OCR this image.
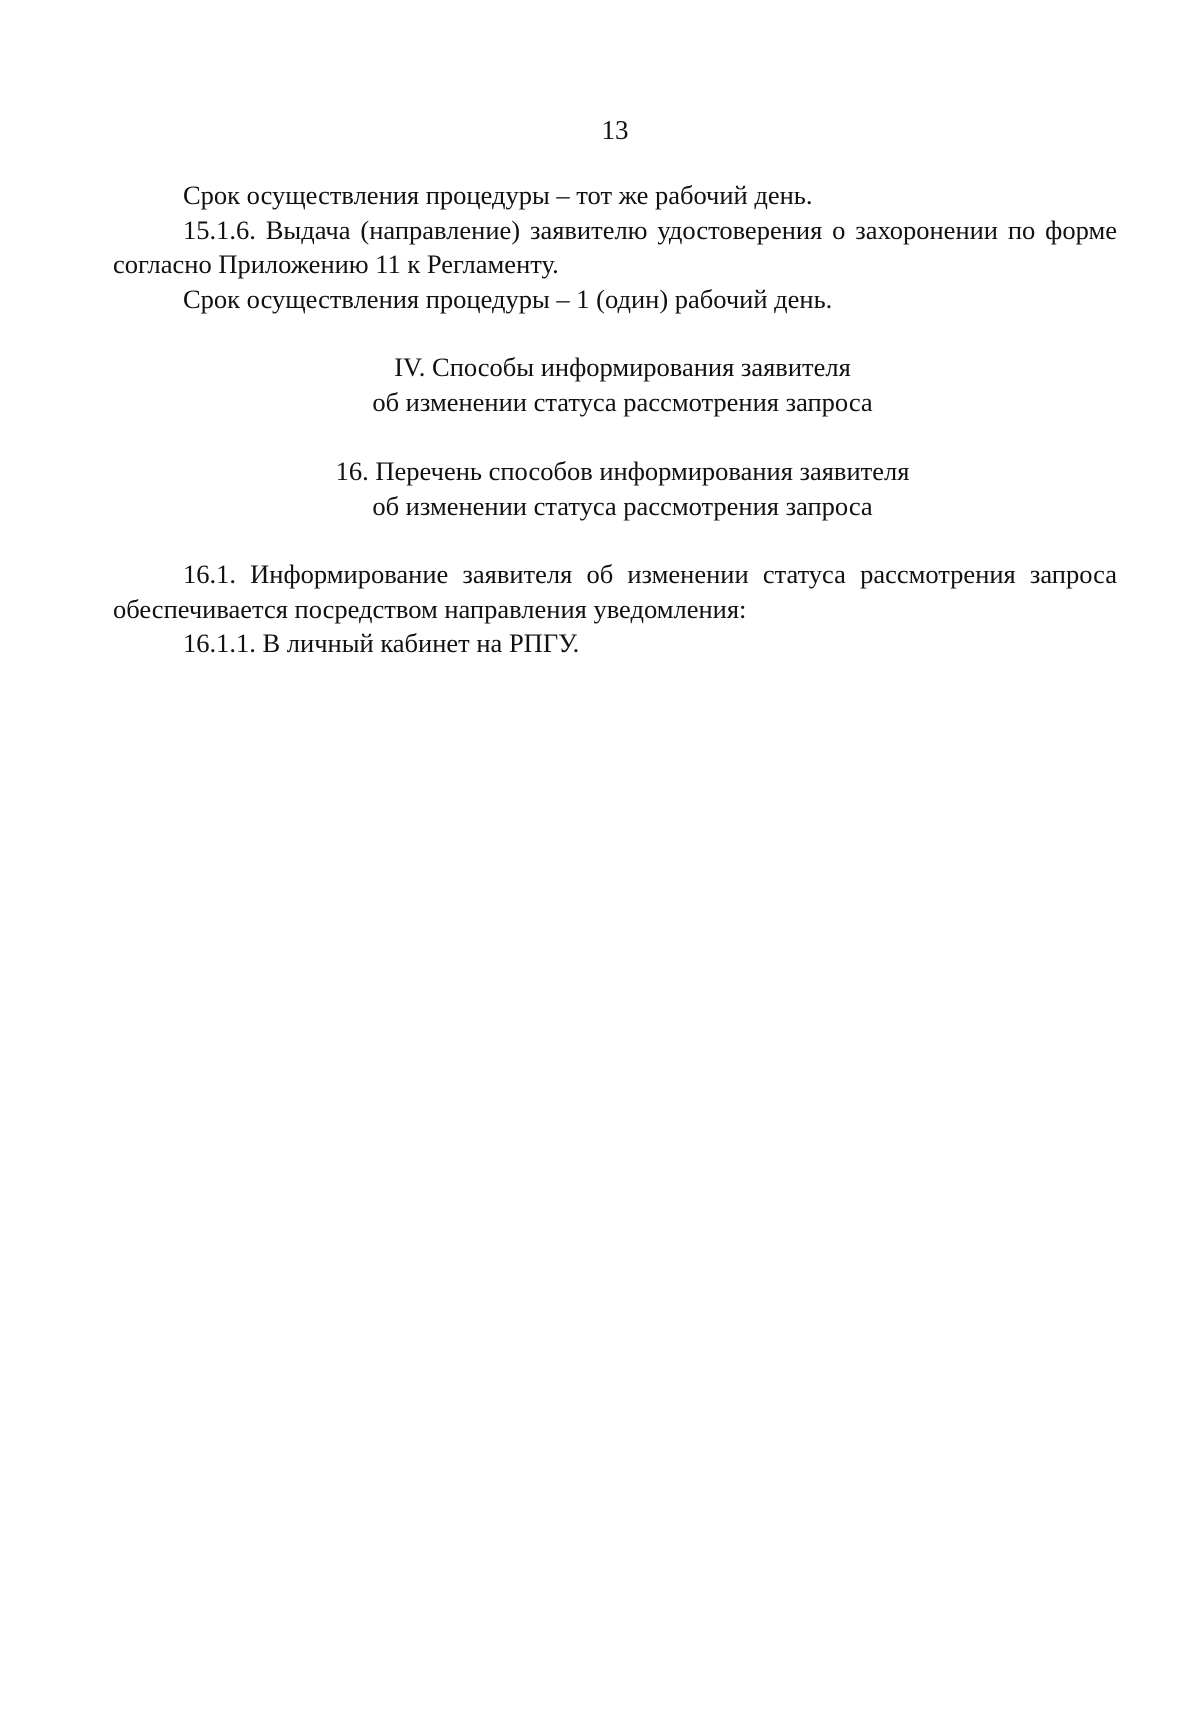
13

Срок осуществления процедуры – тот же рабочий день.

15.1.6. Выдача (направление) заявителю удостоверения о захоронении по форме согласно Приложению 11 к Регламенту.

Срок осуществления процедуры – 1 (один) рабочий день.

IV. Способы информирования заявителя
об изменении статуса рассмотрения запроса
16. Перечень способов информирования заявителя
об изменении статуса рассмотрения запроса

16.1. Информирование заявителя об изменении статуса рассмотрения запроса обеспечивается посредством направления уведомления:

16.1.1. В личный кабинет на РПГУ.
